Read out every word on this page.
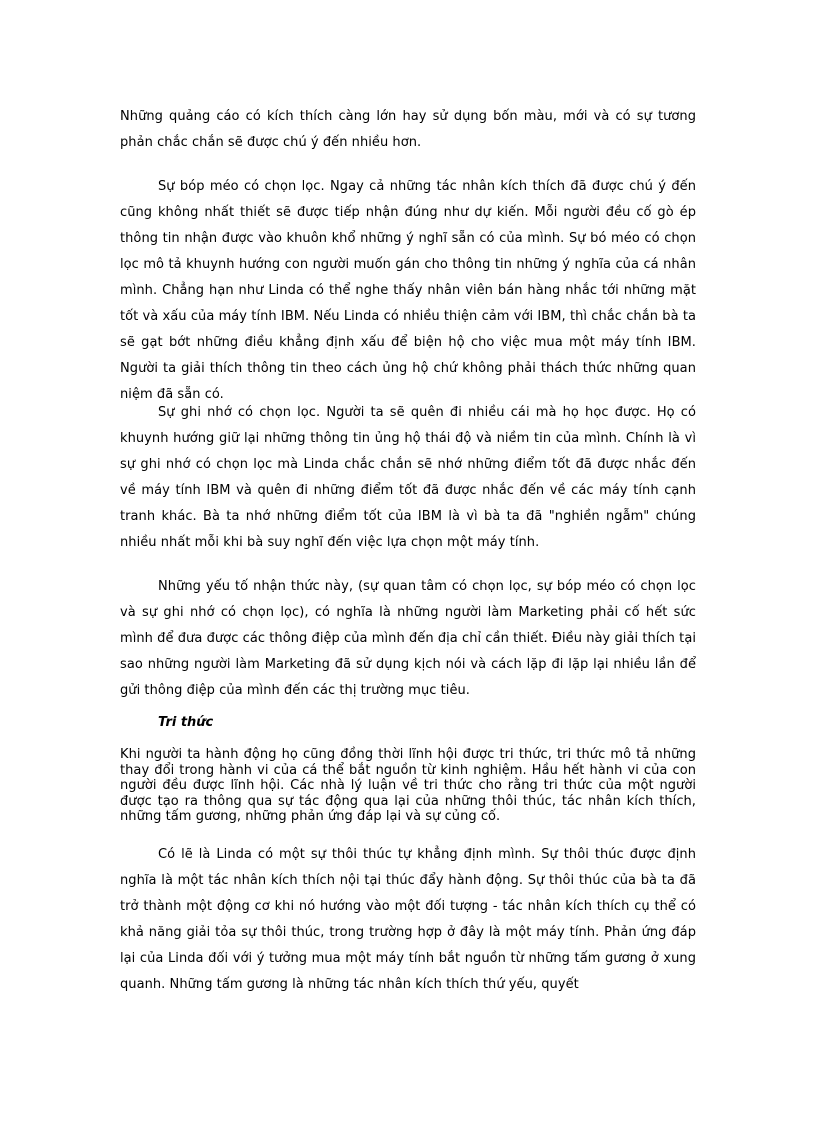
Những quảng cáo có kích thích càng lớn hay sử dụng bốn màu, mới và có sự tương phản chắc chắn sẽ được chú ý đến nhiều hơn.

Sự bóp méo có chọn lọc. Ngay cả những tác nhân kích thích đã được chú ý đến cũng không nhất thiết sẽ được tiếp nhận đúng như dự kiến. Mỗi người đều cố gò ép thông tin nhận được vào khuôn khổ những ý nghĩ sẵn có của mình. Sự bó méo có chọn lọc mô tả khuynh hướng con người muốn gán cho thông tin những ý nghĩa của cá nhân mình. Chẳng hạn như Linda có thể nghe thấy nhân viên bán hàng nhắc tới những mặt tốt và xấu của máy tính IBM. Nếu Linda có nhiều thiện cảm với IBM, thì chắc chắn bà ta sẽ gạt bớt những điều khẳng định xấu để biện hộ cho việc mua một máy tính IBM. Người ta giải thích thông tin theo cách ủng hộ chứ không phải thách thức những quan niệm đã sẵn có.

Sự ghi nhớ có chọn lọc. Người ta sẽ quên đi nhiều cái mà họ học được. Họ có khuynh hướng giữ lại những thông tin ủng hộ thái độ và niềm tin của mình. Chính là vì sự ghi nhớ có chọn lọc mà Linda chắc chắn sẽ nhớ những điểm tốt đã được nhắc đến về máy tính IBM và quên đi những điểm tốt đã được nhắc đến về các máy tính cạnh tranh khác. Bà ta nhớ những điểm tốt của IBM là vì bà ta đã "nghiền ngẫm" chúng nhiều nhất mỗi khi bà suy nghĩ đến việc lựa chọn một máy tính.

Những yếu tố nhận thức này, (sự quan tâm có chọn lọc, sự bóp méo có chọn lọc và sự ghi nhớ có chọn lọc), có nghĩa là những người làm Marketing phải cố hết sức mình để đưa được các thông điệp của mình đến địa chỉ cần thiết. Điều này giải thích tại sao những người làm Marketing đã sử dụng kịch nói và cách lặp đi lặp lại nhiều lần để gửi thông điệp của mình đến các thị trường mục tiêu.

Tri thức

Khi người ta hành động họ cũng đồng thời lĩnh hội được tri thức, tri thức mô tả những thay đổi trong hành vi của cá thể bắt nguồn từ kinh nghiệm. Hầu hết hành vi của con người đều được lĩnh hội. Các nhà lý luận về tri thức cho rằng tri thức của một người được tạo ra thông qua sự tác động qua lại của những thôi thúc, tác nhân kích thích, những tấm gương, những phản ứng đáp lại và sự củng cố.

Có lẽ là Linda có một sự thôi thúc tự khẳng định mình. Sự thôi thúc được định nghĩa là một tác nhân kích thích nội tại thúc đẩy hành động. Sự thôi thúc của bà ta đã trở thành một động cơ khi nó hướng vào một đối tượng - tác nhân kích thích cụ thể có khả năng giải tỏa sự thôi thúc, trong trường hợp ở đây là một máy tính. Phản ứng đáp lại của Linda đối với ý tưởng mua một máy tính bắt nguồn từ những tấm gương ở xung quanh. Những tấm gương là những tác nhân kích thích thứ yếu, quyết
